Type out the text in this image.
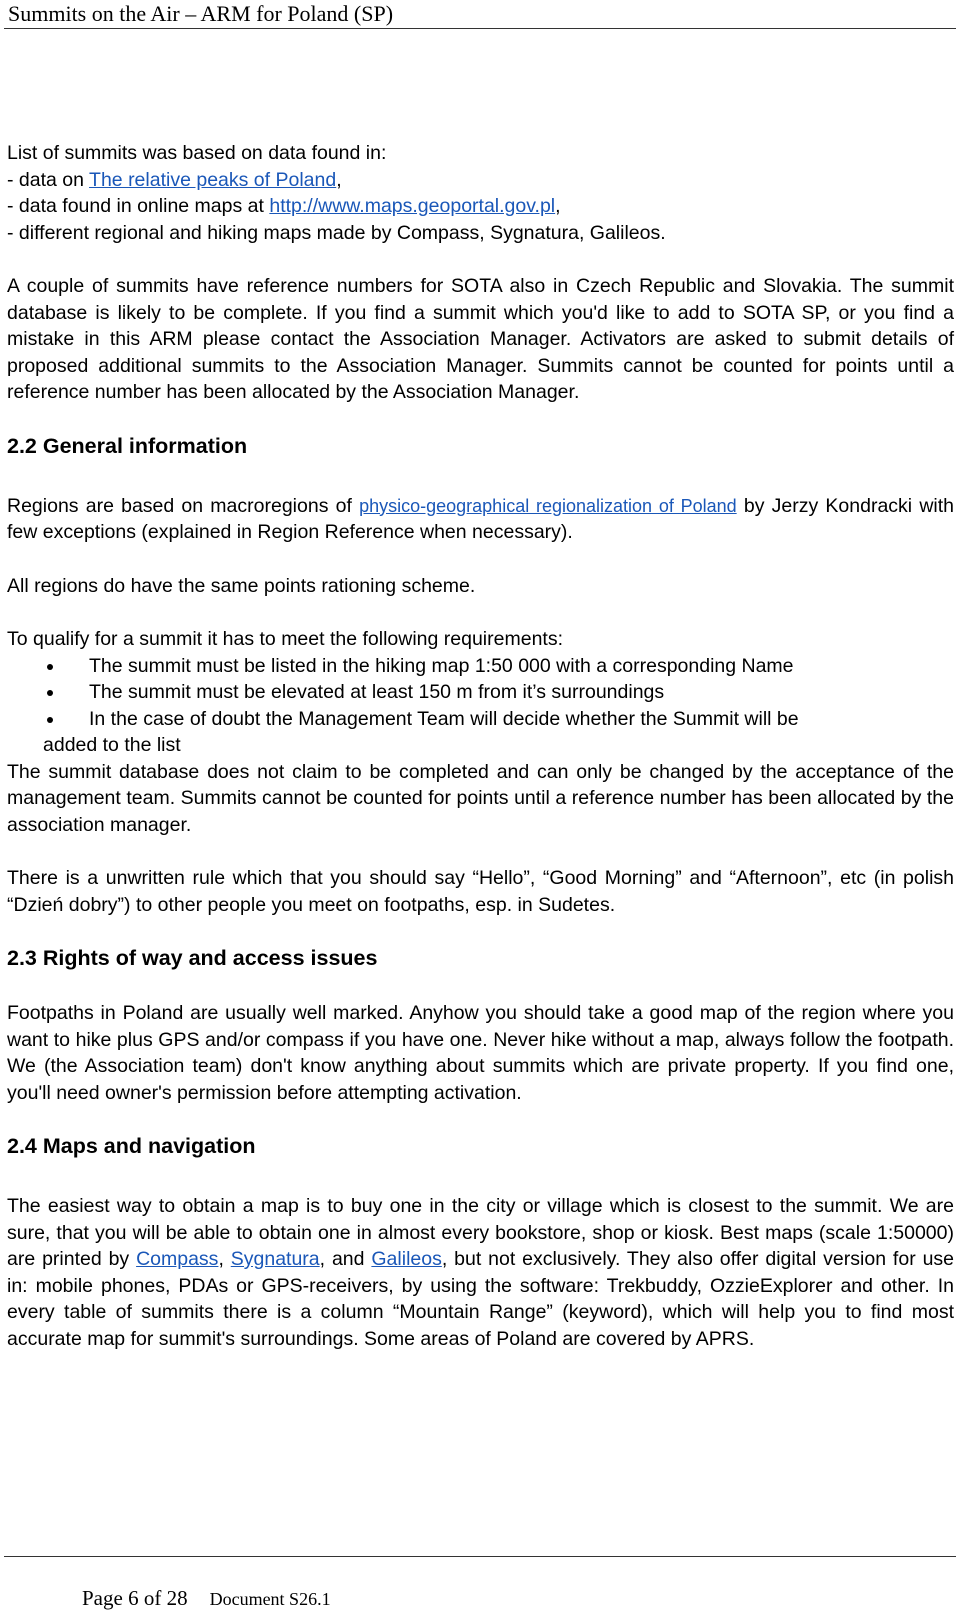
Summits on the Air – ARM for Poland (SP)

List of summits was based on data found in:

- data on The relative peaks of Poland,

- data found in online maps at http://www.maps.geoportal.gov.pl,

- different regional and hiking maps made by Compass, Sygnatura, Galileos.

A couple of summits have reference numbers for SOTA also in Czech Republic and Slovakia. The summit database is likely to be complete. If you find a summit which you'd like to add to SOTA SP, or you find a mistake in this ARM please contact the Association Manager. Activators are asked to submit details of proposed additional summits to the Association Manager. Summits cannot be counted for points until a reference number has been allocated by the Association Manager.

2.2 General information

Regions are based on macroregions of physico-geographical regionalization of Poland by Jerzy Kondracki with few exceptions (explained in Region Reference when necessary).

All regions do have the same points rationing scheme.

To qualify for a summit it has to meet the following requirements:

The summit must be listed in the hiking map 1:50 000 with a corresponding Name
The summit must be elevated at least 150 m from it’s surroundings
In the case of doubt the Management Team will decide whether the Summit will be
added to the list

The summit database does not claim to be completed and can only be changed by the acceptance of the management team. Summits cannot be counted for points until a reference number has been allocated by the association manager.

There is a unwritten rule which that you should say “Hello”, “Good Morning” and “Afternoon”, etc (in polish “Dzień dobry”) to other people you meet on footpaths, esp. in Sudetes.

2.3 Rights of way and access issues

Footpaths in Poland are usually well marked. Anyhow you should take a good map of the region where you want to hike plus GPS and/or compass if you have one. Never hike without a map, always follow the footpath. We (the Association team) don't know anything about summits which are private property. If you find one, you'll need owner's permission before attempting activation.

2.4 Maps and navigation

The easiest way to obtain a map is to buy one in the city or village which is closest to the summit. We are sure, that you will be able to obtain one in almost every bookstore, shop or kiosk. Best maps (scale 1:50000) are printed by Compass, Sygnatura, and Galileos, but not exclusively. They also offer digital version for use in: mobile phones, PDAs or GPS-receivers, by using the software: Trekbuddy, OzzieExplorer and other. In every table of summits there is a column “Mountain Range” (keyword), which will help you to find most accurate map for summit's surroundings. Some areas of Poland are covered by APRS.

Page 6 of 28 Document S26.1
